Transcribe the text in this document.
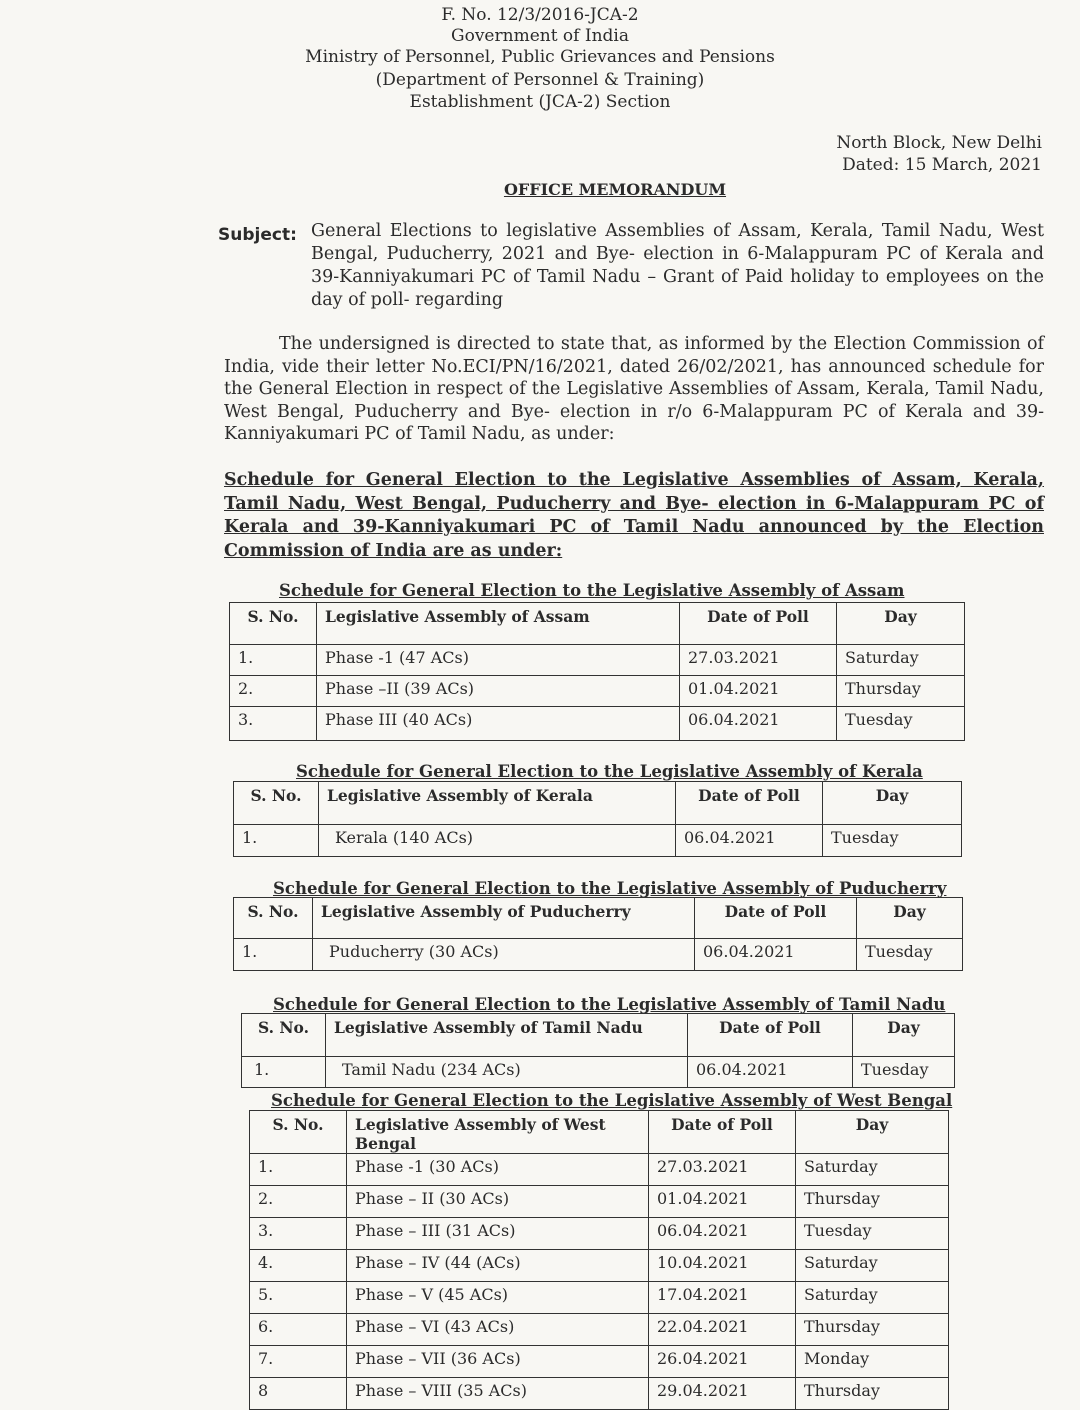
F. No. 12/3/2016-JCA-2
Government of India
Ministry of Personnel, Public Grievances and Pensions
(Department of Personnel & Training)
Establishment (JCA-2) Section
North Block, New Delhi
Dated: 15 March, 2021
OFFICE MEMORANDUM
Subject: General Elections to legislative Assemblies of Assam, Kerala, Tamil Nadu, West Bengal, Puducherry, 2021 and Bye- election in 6-Malappuram PC of Kerala and 39-Kanniyakumari PC of Tamil Nadu – Grant of Paid holiday to employees on the day of poll- regarding
The undersigned is directed to state that, as informed by the Election Commission of India, vide their letter No.ECI/PN/16/2021, dated 26/02/2021, has announced schedule for the General Election in respect of the Legislative Assemblies of Assam, Kerala, Tamil Nadu, West Bengal, Puducherry and Bye- election in r/o 6-Malappuram PC of Kerala and 39-Kanniyakumari PC of Tamil Nadu, as under:
Schedule for General Election to the Legislative Assemblies of Assam, Kerala, Tamil Nadu, West Bengal, Puducherry and Bye- election in 6-Malappuram PC of Kerala and 39-Kanniyakumari PC of Tamil Nadu announced by the Election Commission of India are as under:
Schedule for General Election to the Legislative Assembly of Assam
S. No.	Legislative Assembly of Assam	Date of Poll	Day
1.	Phase -1 (47 ACs)	27.03.2021	Saturday
2.	Phase –II (39 ACs)	01.04.2021	Thursday
3.	Phase III (40 ACs)	06.04.2021	Tuesday
Schedule for General Election to the Legislative Assembly of Kerala
S. No.	Legislative Assembly of Kerala	Date of Poll	Day
1.	Kerala (140 ACs)	06.04.2021	Tuesday
Schedule for General Election to the Legislative Assembly of Puducherry
S. No.	Legislative Assembly of Puducherry	Date of Poll	Day
1.	Puducherry (30 ACs)	06.04.2021	Tuesday
Schedule for General Election to the Legislative Assembly of Tamil Nadu
S. No.	Legislative Assembly of Tamil Nadu	Date of Poll	Day
1.	Tamil Nadu (234 ACs)	06.04.2021	Tuesday
Schedule for General Election to the Legislative Assembly of West Bengal
S. No.	Legislative Assembly of West Bengal	Date of Poll	Day
1.	Phase -1 (30 ACs)	27.03.2021	Saturday
2.	Phase – II (30 ACs)	01.04.2021	Thursday
3.	Phase – III (31 ACs)	06.04.2021	Tuesday
4.	Phase – IV (44 (ACs)	10.04.2021	Saturday
5.	Phase – V (45 ACs)	17.04.2021	Saturday
6.	Phase – VI (43 ACs)	22.04.2021	Thursday
7.	Phase – VII (36 ACs)	26.04.2021	Monday
8	Phase – VIII (35 ACs)	29.04.2021	Thursday
